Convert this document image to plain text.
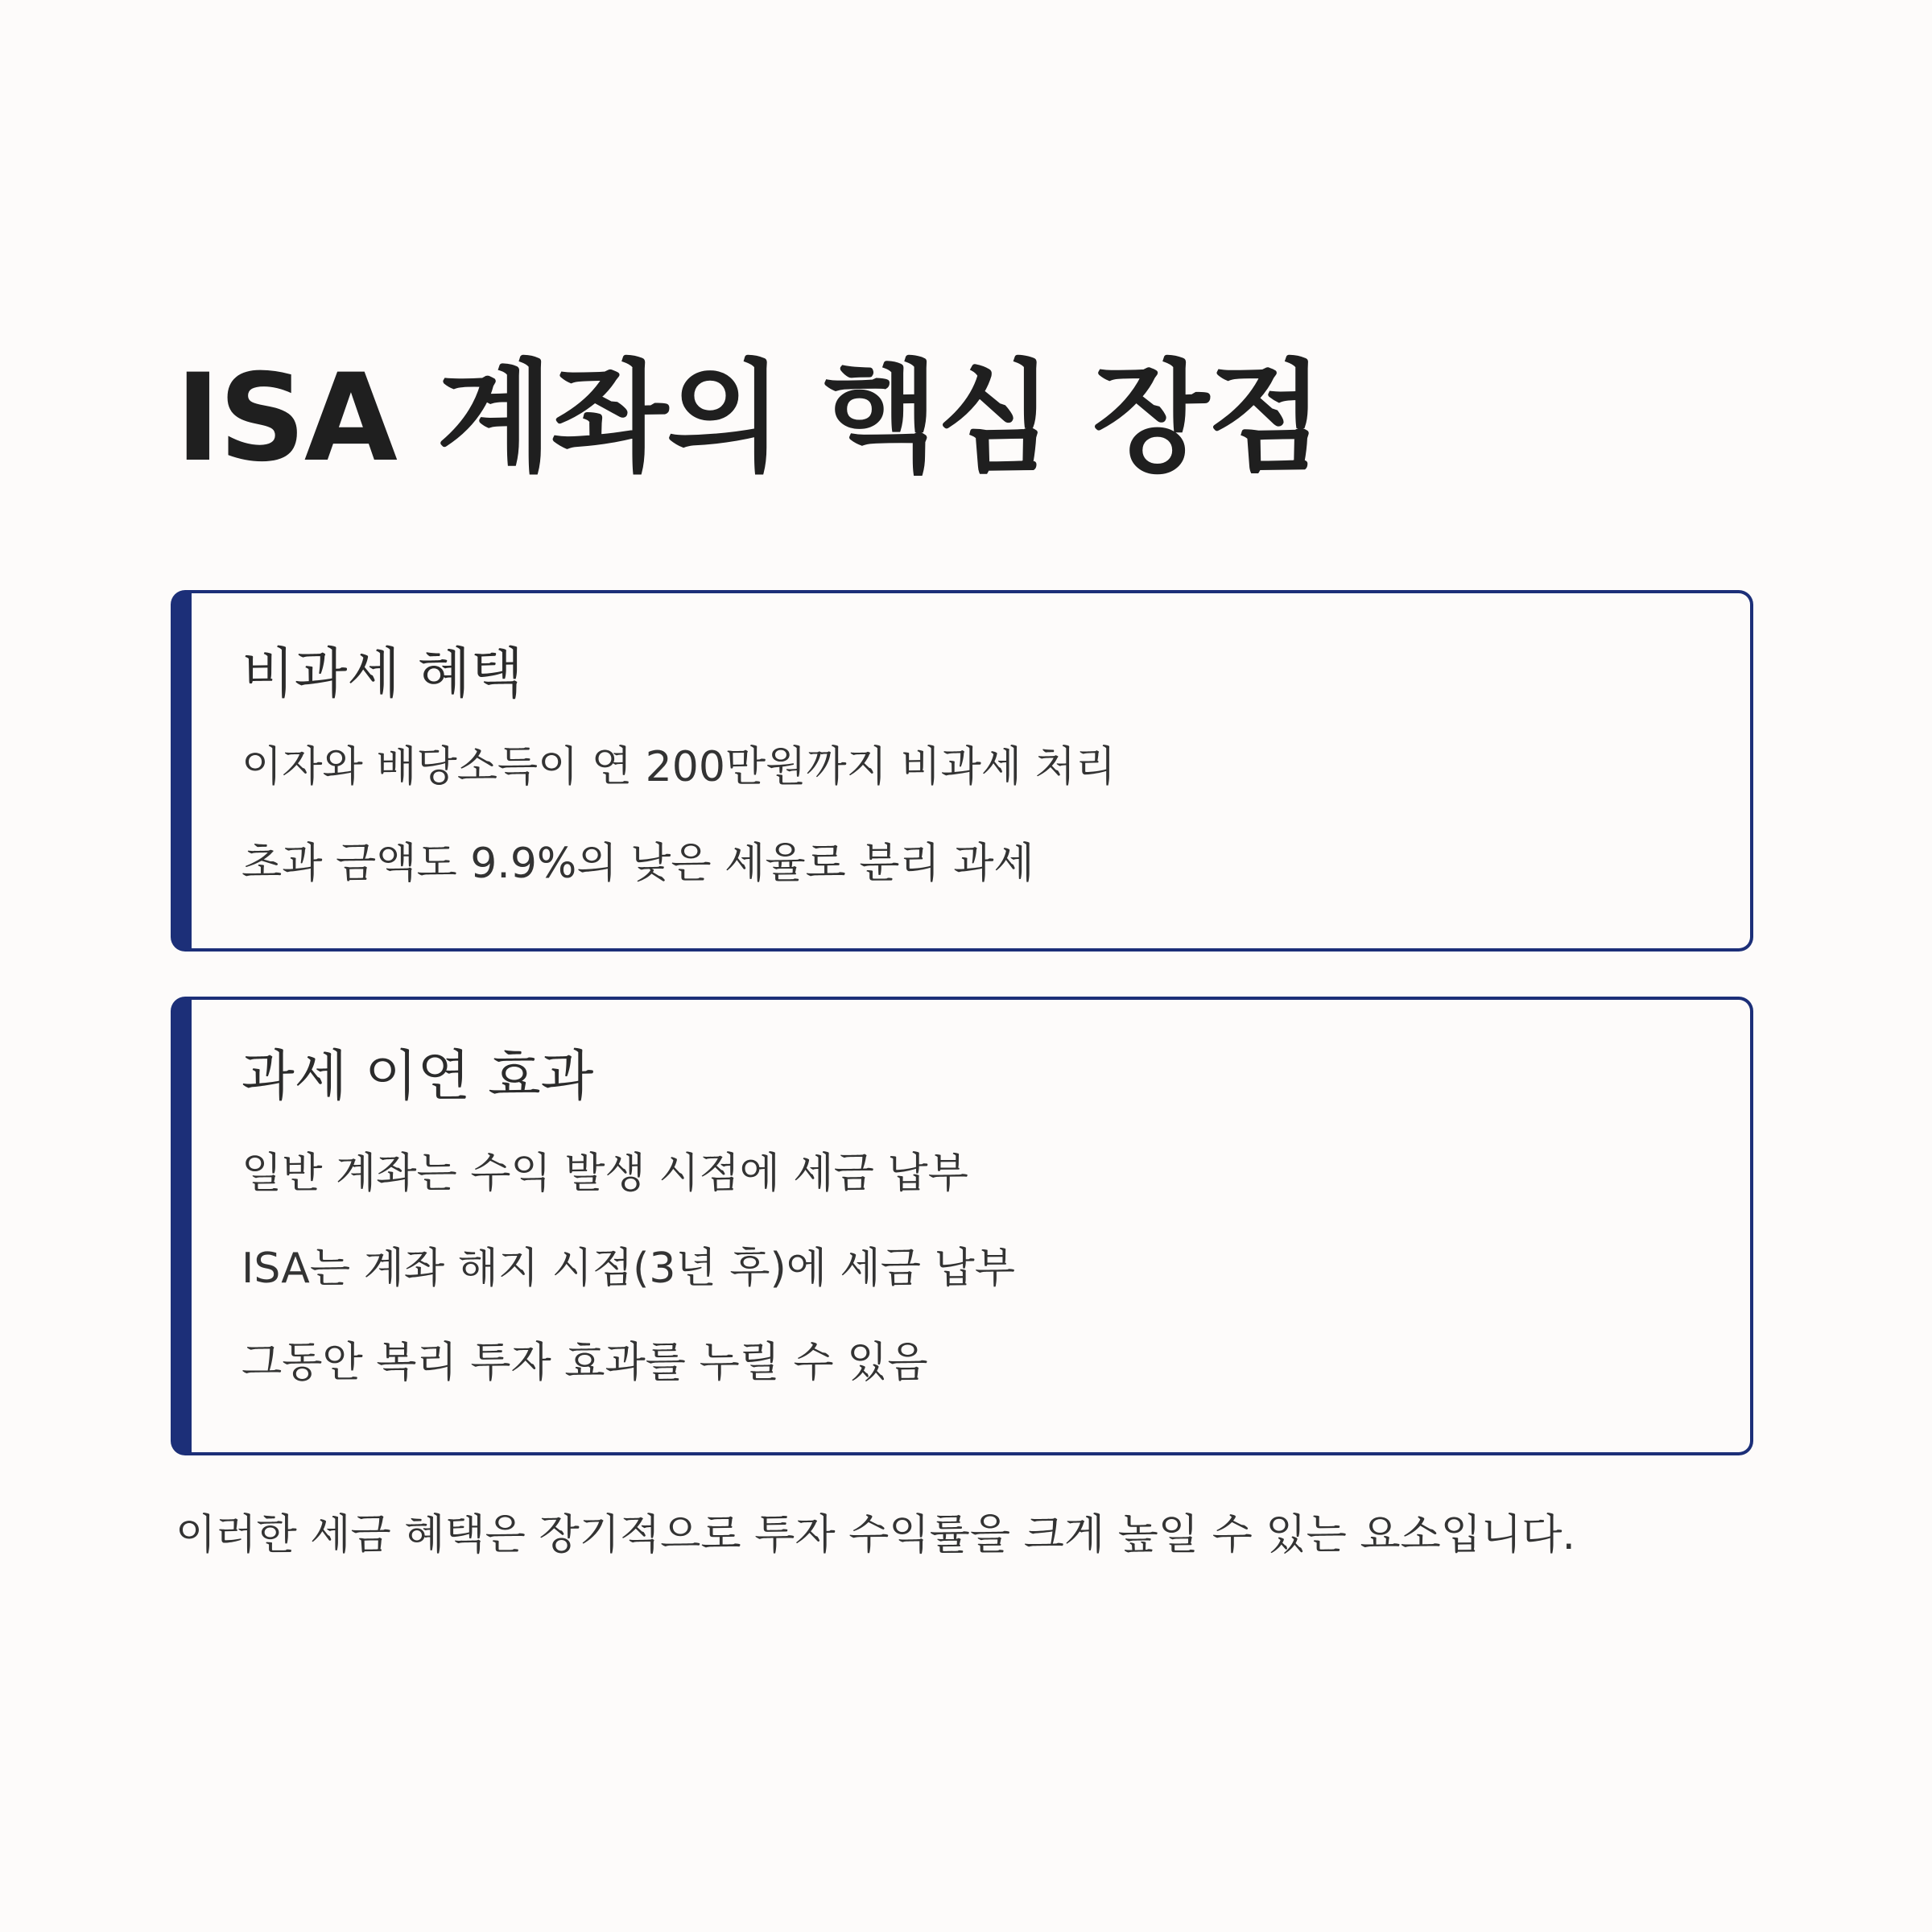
ISA 계좌의 핵심 장점
비과세 혜택
이자와 배당소득이 연 200만원까지 비과세 처리
초과 금액도 9.9%의 낮은 세율로 분리 과세
과세 이연 효과
일반 계좌는 수익 발생 시점에 세금 납부
ISA는 계좌 해지 시점(3년 후)에 세금 납부
그동안 복리 투자 효과를 누릴 수 있음
이러한 세금 혜택은 장기적으로 투자 수익률을 크게 높일 수 있는 요소입니다.
